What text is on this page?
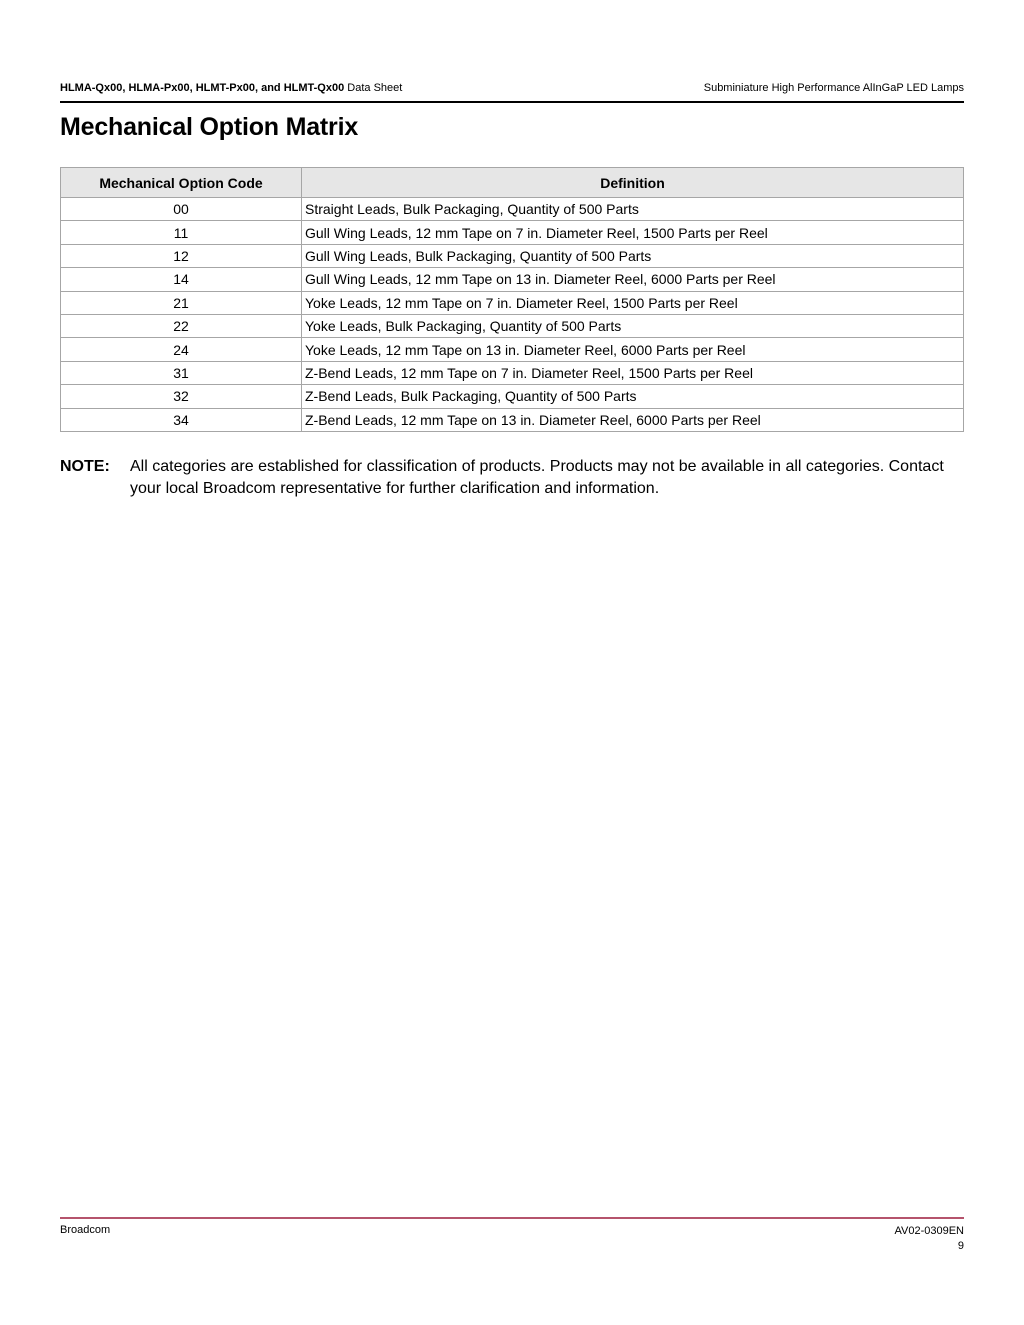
HLMA-Qx00, HLMA-Px00, HLMT-Px00, and HLMT-Qx00 Data Sheet	Subminiature High Performance AlInGaP LED Lamps
Mechanical Option Matrix
Mechanical Option Code	Definition
00	Straight Leads, Bulk Packaging, Quantity of 500 Parts
11	Gull Wing Leads, 12 mm Tape on 7 in. Diameter Reel, 1500 Parts per Reel
12	Gull Wing Leads, Bulk Packaging, Quantity of 500 Parts
14	Gull Wing Leads, 12 mm Tape on 13 in. Diameter Reel, 6000 Parts per Reel
21	Yoke Leads, 12 mm Tape on 7 in. Diameter Reel, 1500 Parts per Reel
22	Yoke Leads, Bulk Packaging, Quantity of 500 Parts
24	Yoke Leads, 12 mm Tape on 13 in. Diameter Reel, 6000 Parts per Reel
31	Z-Bend Leads, 12 mm Tape on 7 in. Diameter Reel, 1500 Parts per Reel
32	Z-Bend Leads, Bulk Packaging, Quantity of 500 Parts
34	Z-Bend Leads, 12 mm Tape on 13 in. Diameter Reel, 6000 Parts per Reel
NOTE: All categories are established for classification of products. Products may not be available in all categories. Contact your local Broadcom representative for further clarification and information.
Broadcom	AV02-0309EN
9
